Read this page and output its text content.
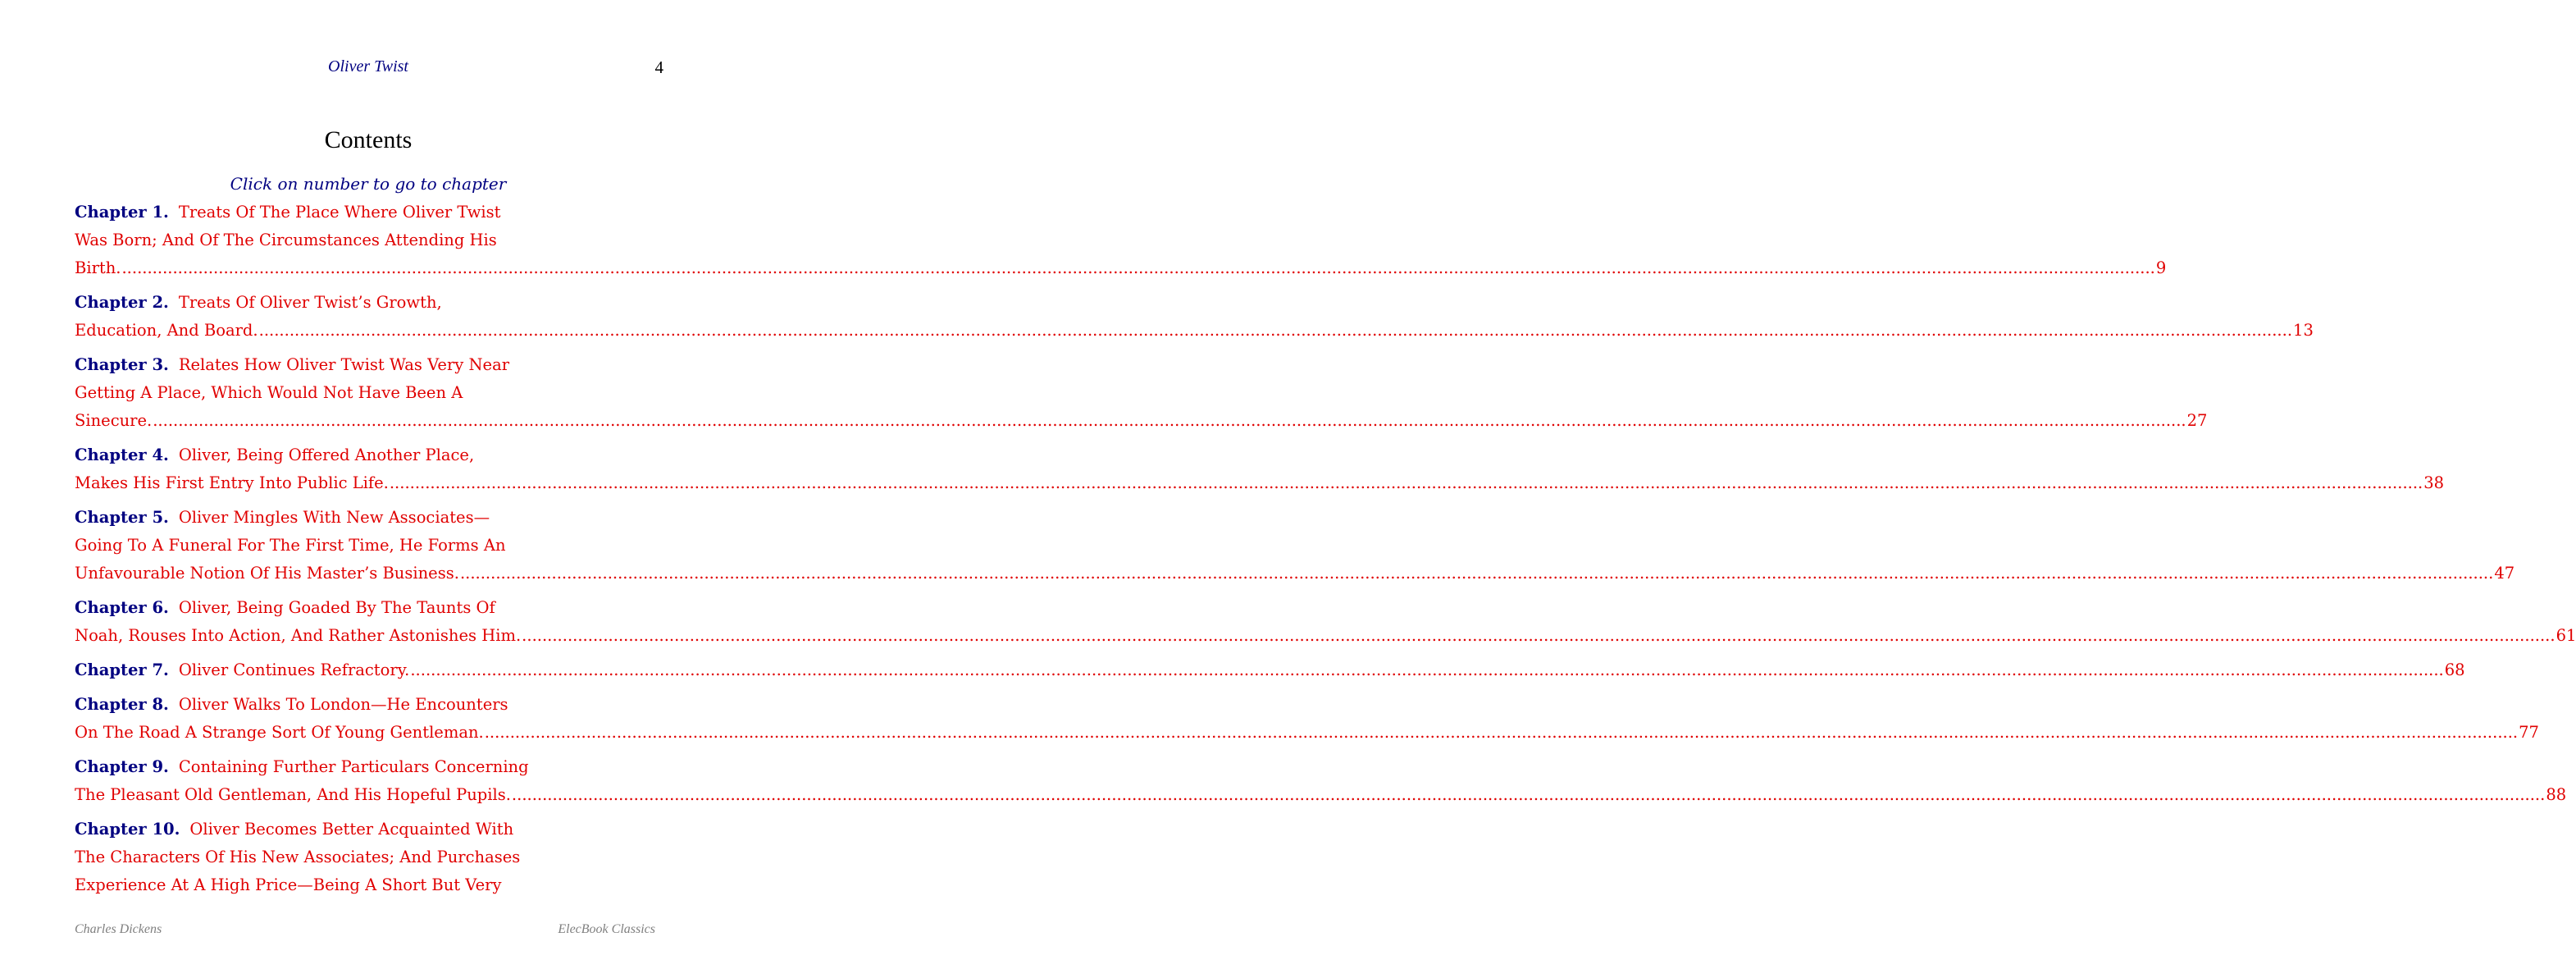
Oliver Twist	4
Contents
Click on number to go to chapter
Chapter 1. Treats Of The Place Where Oliver Twist
Was Born; And Of The Circumstances Attending His
Birth. ................................................................................................................................................................................................................................................................................................................................................................................................................ 9
Chapter 2. Treats Of Oliver Twist’s Growth,
Education, And Board. ................................................................................................................................................................................................................................................................................................................................................................................................................ 13
Chapter 3. Relates How Oliver Twist Was Very Near
Getting A Place, Which Would Not Have Been A
Sinecure. ................................................................................................................................................................................................................................................................................................................................................................................................................ 27
Chapter 4. Oliver, Being Offered Another Place,
Makes His First Entry Into Public Life. ................................................................................................................................................................................................................................................................................................................................................................................................................ 38
Chapter 5. Oliver Mingles With New Associates—
Going To A Funeral For The First Time, He Forms An
Unfavourable Notion Of His Master’s Business. ................................................................................................................................................................................................................................................................................................................................................................................................................ 47
Chapter 6. Oliver, Being Goaded By The Taunts Of
Noah, Rouses Into Action, And Rather Astonishes Him. ................................................................................................................................................................................................................................................................................................................................................................................................................ 61
Chapter 7. Oliver Continues Refractory. ................................................................................................................................................................................................................................................................................................................................................................................................................ 68
Chapter 8. Oliver Walks To London—He Encounters
On The Road A Strange Sort Of Young Gentleman. ................................................................................................................................................................................................................................................................................................................................................................................................................ 77
Chapter 9. Containing Further Particulars Concerning
The Pleasant Old Gentleman, And His Hopeful Pupils. ................................................................................................................................................................................................................................................................................................................................................................................................................ 88
Chapter 10. Oliver Becomes Better Acquainted With
The Characters Of His New Associates; And Purchases
Experience At A High Price—Being A Short But Very
Charles Dickens	ElecBook Classics
